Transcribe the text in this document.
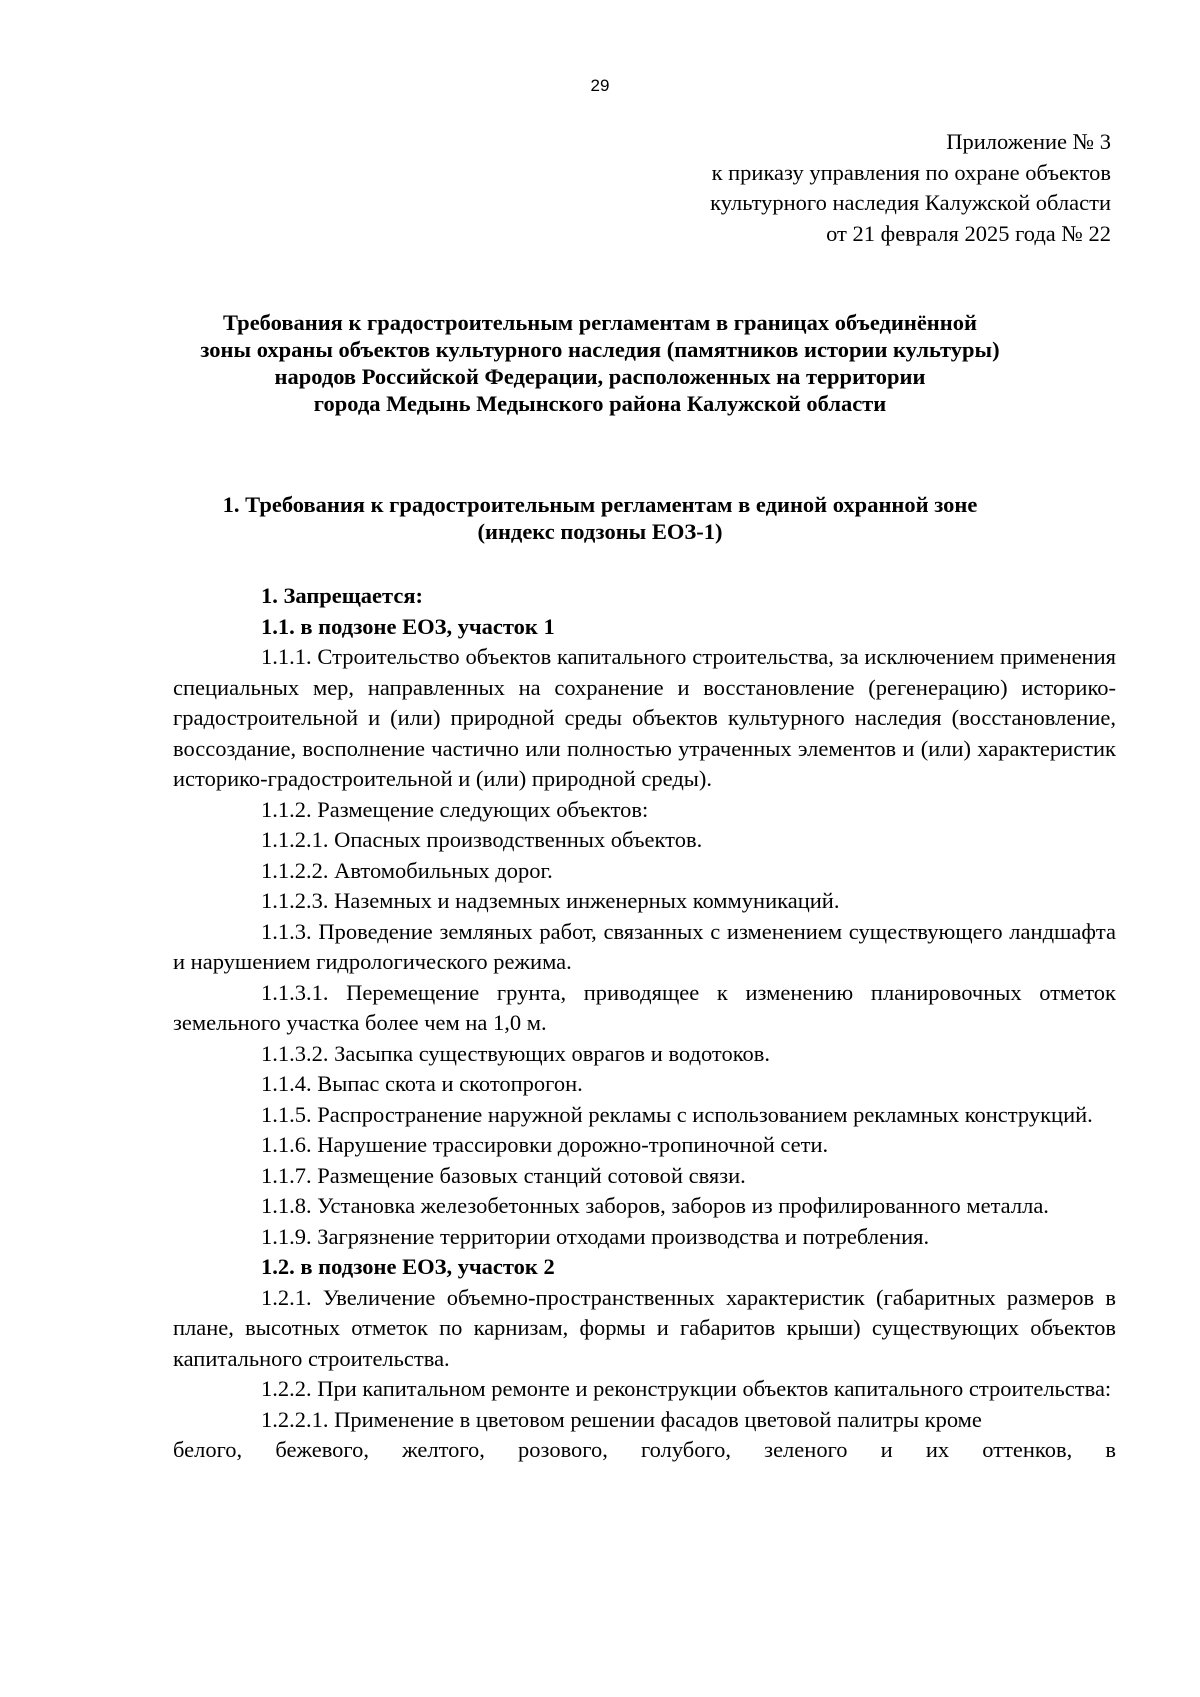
29
Приложение № 3
к приказу управления по охране объектов
культурного наследия Калужской области
от 21 февраля 2025 года № 22
Требования к градостроительным регламентам в границах объединённой
зоны охраны объектов культурного наследия (памятников истории культуры)
народов Российской Федерации, расположенных на территории
города Медынь Медынского района Калужской области
1. Требования к градостроительным регламентам в единой охранной зоне
(индекс подзоны ЕОЗ-1)

1. Запрещается:

1.1. в подзоне ЕОЗ, участок 1

1.1.1. Строительство объектов капитального строительства, за исключением применения специальных мер, направленных на сохранение и восстановление (регенерацию) историко-градостроительной и (или) природной среды объектов культурного наследия (восстановление, воссоздание, восполнение частично или полностью утраченных элементов и (или) характеристик историко-градостроительной и (или) природной среды).

1.1.2. Размещение следующих объектов:

1.1.2.1. Опасных производственных объектов.

1.1.2.2. Автомобильных дорог.

1.1.2.3. Наземных и надземных инженерных коммуникаций.

1.1.3. Проведение земляных работ, связанных с изменением существующего ландшафта и нарушением гидрологического режима.

1.1.3.1. Перемещение грунта, приводящее к изменению планировочных отметок земельного участка более чем на 1,0 м.

1.1.3.2. Засыпка существующих оврагов и водотоков.

1.1.4. Выпас скота и скотопрогон.

1.1.5. Распространение наружной рекламы с использованием рекламных конструкций.

1.1.6. Нарушение трассировки дорожно-тропиночной сети.

1.1.7. Размещение базовых станций сотовой связи.

1.1.8. Установка железобетонных заборов, заборов из профилированного металла.

1.1.9. Загрязнение территории отходами производства и потребления.

1.2. в подзоне ЕОЗ, участок 2

1.2.1. Увеличение объемно-пространственных характеристик (габаритных размеров в плане, высотных отметок по карнизам, формы и габаритов крыши) существующих объектов капитального строительства.

1.2.2. При капитальном ремонте и реконструкции объектов капитального строительства:

1.2.2.1. Применение в цветовом решении фасадов цветовой палитры кроме

белого, бежевого, желтого, розового, голубого, зеленого и их оттенков, в
